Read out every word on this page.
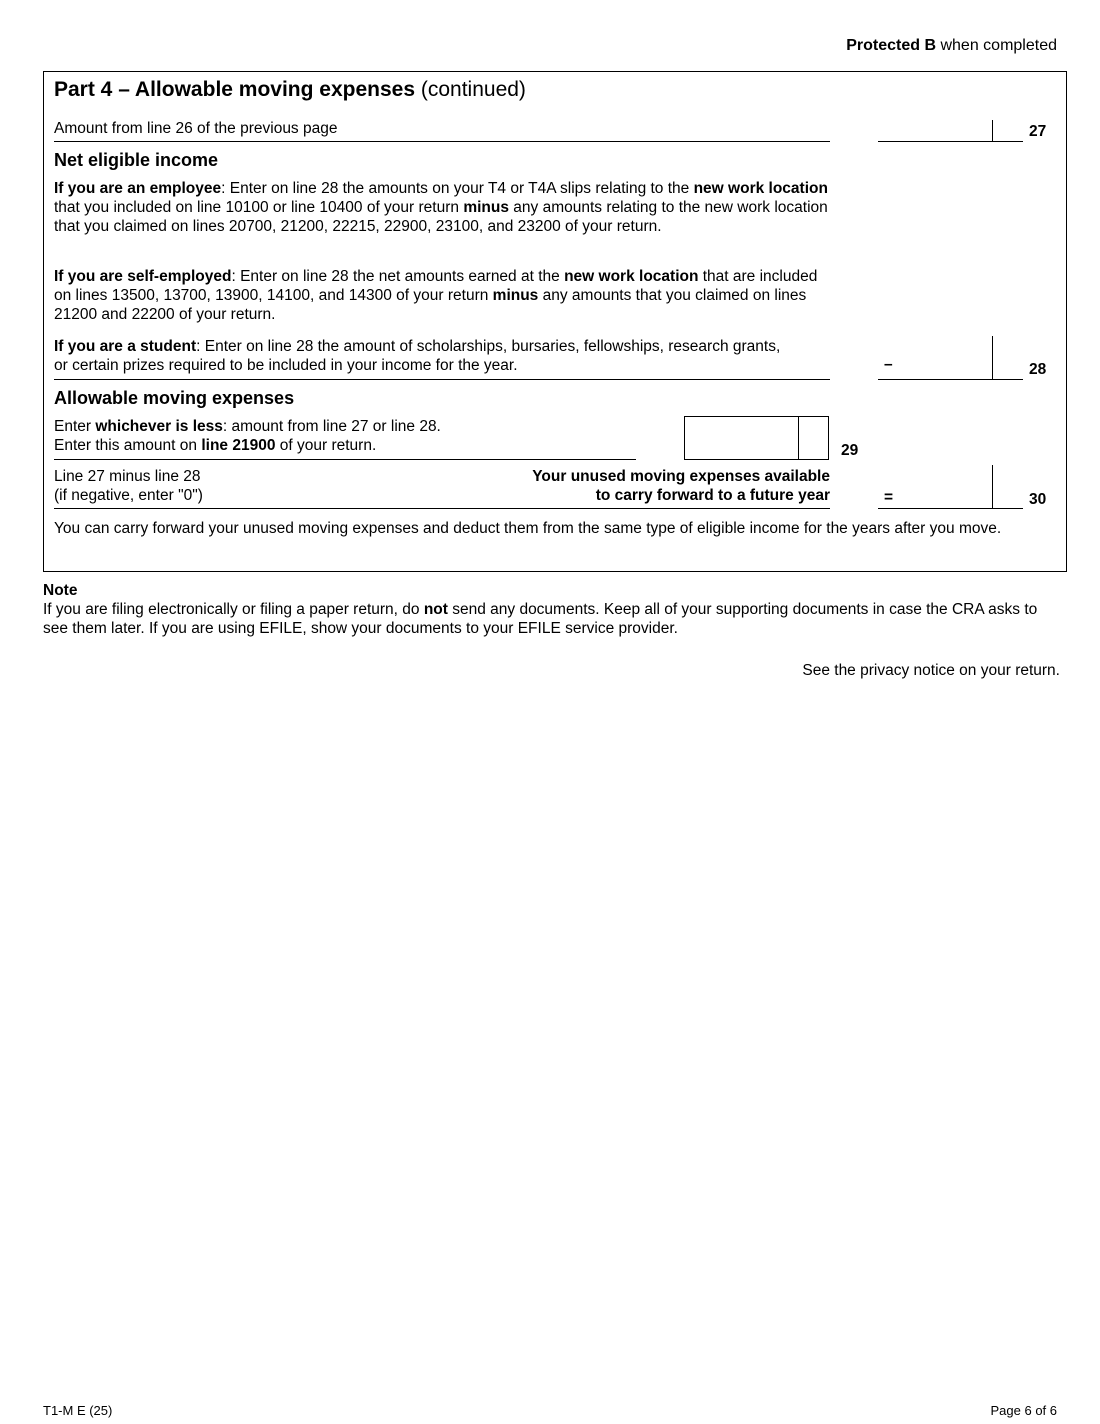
Protected B when completed
Part 4 – Allowable moving expenses (continued)
Amount from line 26 of the previous page	27
Net eligible income
If you are an employee: Enter on line 28 the amounts on your T4 or T4A slips relating to the new work location that you included on line 10100 or line 10400 of your return minus any amounts relating to the new work location that you claimed on lines 20700, 21200, 22215, 22900, 23100, and 23200 of your return.
If you are self-employed: Enter on line 28 the net amounts earned at the new work location that are included on lines 13500, 13700, 13900, 14100, and 14300 of your return minus any amounts that you claimed on lines 21200 and 22200 of your return.
If you are a student: Enter on line 28 the amount of scholarships, bursaries, fellowships, research grants, or certain prizes required to be included in your income for the year.	–	28
Allowable moving expenses
Enter whichever is less: amount from line 27 or line 28.
Enter this amount on line 21900 of your return.	29
Line 27 minus line 28
(if negative, enter "0")
Your unused moving expenses available
to carry forward to a future year	=	30
You can carry forward your unused moving expenses and deduct them from the same type of eligible income for the years after you move.
Note
If you are filing electronically or filing a paper return, do not send any documents. Keep all of your supporting documents in case the CRA asks to see them later. If you are using EFILE, show your documents to your EFILE service provider.
See the privacy notice on your return.
T1-M E (25)	Page 6 of 6
